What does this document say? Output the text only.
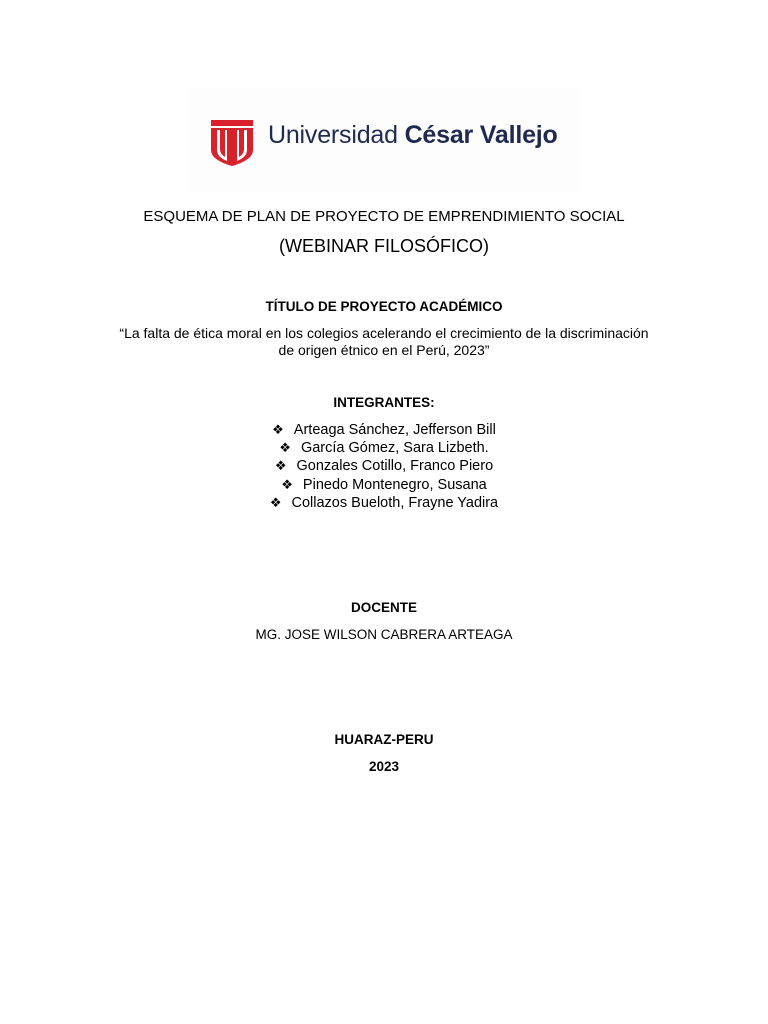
Universidad César Vallejo
ESQUEMA DE PLAN DE PROYECTO DE EMPRENDIMIENTO SOCIAL
(WEBINAR FILOSÓFICO)
TÍTULO DE PROYECTO ACADÉMICO
“La falta de ética moral en los colegios acelerando el crecimiento de la discriminación
de origen étnico en el Perú, 2023”
INTEGRANTES:
❖ Arteaga Sánchez, Jefferson Bill
❖ García Gómez, Sara Lizbeth.
❖ Gonzales Cotillo, Franco Piero
❖ Pinedo Montenegro, Susana
❖ Collazos Bueloth, Frayne Yadira
DOCENTE
MG. JOSE WILSON CABRERA ARTEAGA
HUARAZ-PERU
2023
